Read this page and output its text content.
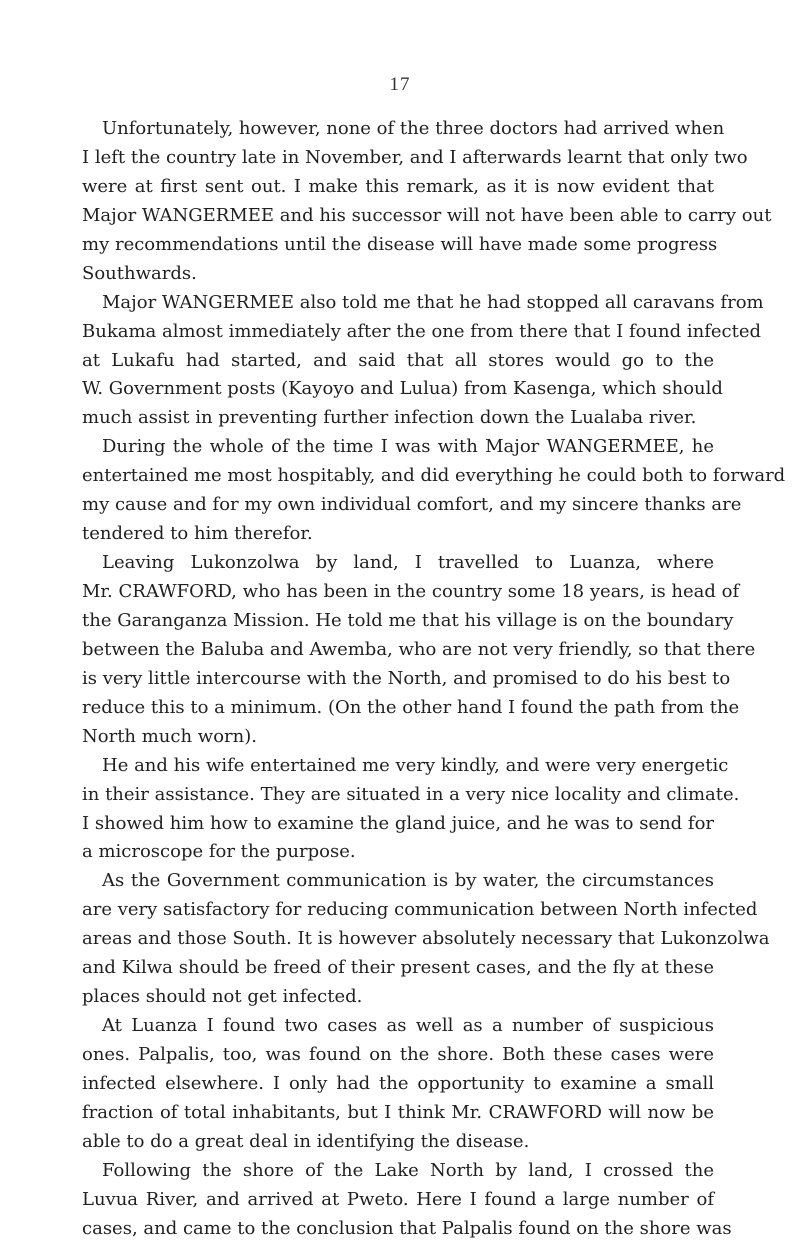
17
Unfortunately, however, none of the three doctors had arrived when
I left the country late in November, and I afterwards learnt that only two
were at first sent out. I make this remark, as it is now evident that
Major WANGERMEE and his successor will not have been able to carry out
my recommendations until the disease will have made some progress
Southwards.
Major WANGERMEE also told me that he had stopped all caravans from
Bukama almost immediately after the one from there that I found infected
at Lukafu had started, and said that all stores would go to the
W. Government posts (Kayoyo and Lulua) from Kasenga, which should
much assist in preventing further infection down the Lualaba river.
During the whole of the time I was with Major WANGERMEE, he
entertained me most hospitably, and did everything he could both to forward
my cause and for my own individual comfort, and my sincere thanks are
tendered to him therefor.
Leaving Lukonzolwa by land, I travelled to Luanza, where
Mr. CRAWFORD, who has been in the country some 18 years, is head of
the Garanganza Mission. He told me that his village is on the boundary
between the Baluba and Awemba, who are not very friendly, so that there
is very little intercourse with the North, and promised to do his best to
reduce this to a minimum. (On the other hand I found the path from the
North much worn).
He and his wife entertained me very kindly, and were very energetic
in their assistance. They are situated in a very nice locality and climate.
I showed him how to examine the gland juice, and he was to send for
a microscope for the purpose.
As the Government communication is by water, the circumstances
are very satisfactory for reducing communication between North infected
areas and those South. It is however absolutely necessary that Lukonzolwa
and Kilwa should be freed of their present cases, and the fly at these
places should not get infected.
At Luanza I found two cases as well as a number of suspicious
ones. Palpalis, too, was found on the shore. Both these cases were
infected elsewhere. I only had the opportunity to examine a small
fraction of total inhabitants, but I think Mr. CRAWFORD will now be
able to do a great deal in identifying the disease.
Following the shore of the Lake North by land, I crossed the
Luvua River, and arrived at Pweto. Here I found a large number of
cases, and came to the conclusion that Palpalis found on the shore was
